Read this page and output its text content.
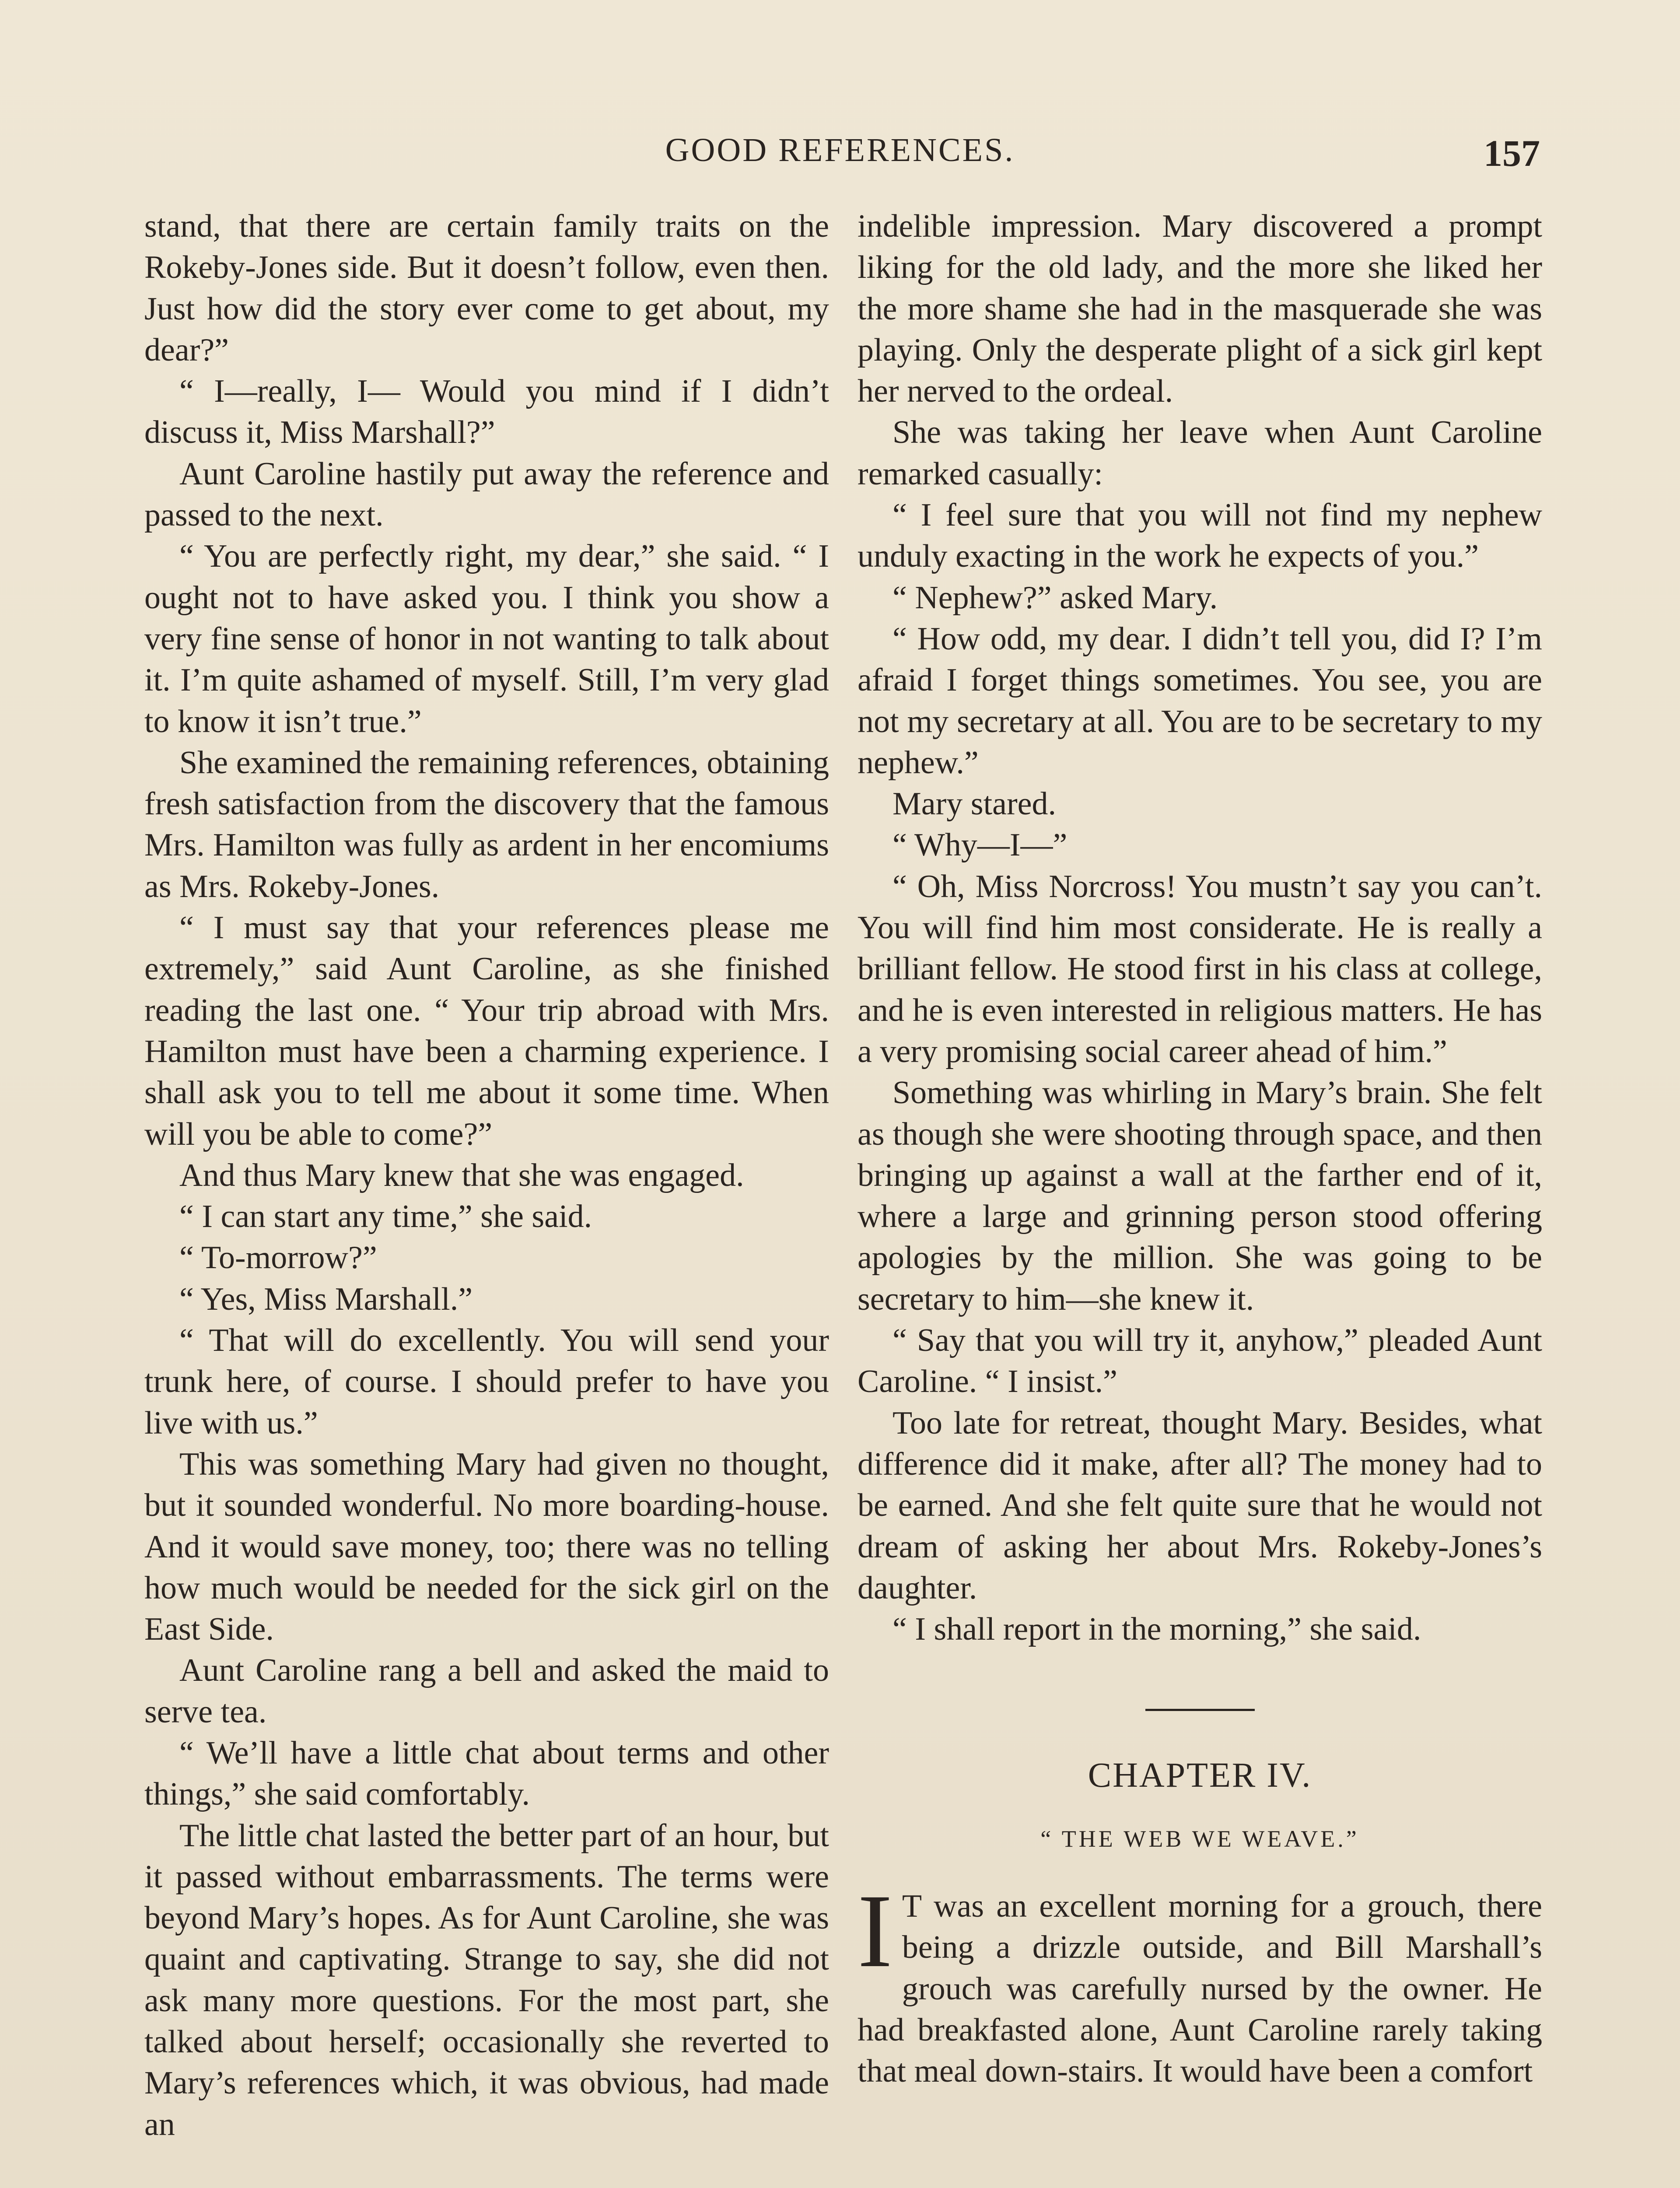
GOOD REFERENCES.	157

stand, that there are certain family traits on the Rokeby-Jones side. But it doesn’t follow, even then. Just how did the story ever come to get about, my dear?”

“ I—really, I— Would you mind if I didn’t discuss it, Miss Marshall?”

Aunt Caroline hastily put away the reference and passed to the next.

“ You are perfectly right, my dear,” she said. “ I ought not to have asked you. I think you show a very fine sense of honor in not wanting to talk about it. I’m quite ashamed of myself. Still, I’m very glad to know it isn’t true.”

She examined the remaining references, obtaining fresh satisfaction from the discovery that the famous Mrs. Hamilton was fully as ardent in her encomiums as Mrs. Rokeby-Jones.

“ I must say that your references please me extremely,” said Aunt Caroline, as she finished reading the last one. “ Your trip abroad with Mrs. Hamilton must have been a charming experience. I shall ask you to tell me about it some time. When will you be able to come?”

And thus Mary knew that she was engaged.

“ I can start any time,” she said.

“ To-morrow?”

“ Yes, Miss Marshall.”

“ That will do excellently. You will send your trunk here, of course. I should prefer to have you live with us.”

This was something Mary had given no thought, but it sounded wonderful. No more boarding-house. And it would save money, too; there was no telling how much would be needed for the sick girl on the East Side.

Aunt Caroline rang a bell and asked the maid to serve tea.

“ We’ll have a little chat about terms and other things,” she said comfortably.

The little chat lasted the better part of an hour, but it passed without embarrassments. The terms were beyond Mary’s hopes. As for Aunt Caroline, she was quaint and captivating. Strange to say, she did not ask many more questions. For the most part, she talked about herself; occasionally she reverted to Mary’s references which, it was obvious, had made an

indelible impression. Mary discovered a prompt liking for the old lady, and the more she liked her the more shame she had in the masquerade she was playing. Only the desperate plight of a sick girl kept her nerved to the ordeal.

She was taking her leave when Aunt Caroline remarked casually:

“ I feel sure that you will not find my nephew unduly exacting in the work he expects of you.”

“ Nephew?” asked Mary.

“ How odd, my dear. I didn’t tell you, did I? I’m afraid I forget things sometimes. You see, you are not my secretary at all. You are to be secretary to my nephew.”

Mary stared.

“ Why—I—”

“ Oh, Miss Norcross! You mustn’t say you can’t. You will find him most considerate. He is really a brilliant fellow. He stood first in his class at college, and he is even interested in religious matters. He has a very promising social career ahead of him.”

Something was whirling in Mary’s brain. She felt as though she were shooting through space, and then bringing up against a wall at the farther end of it, where a large and grinning person stood offering apologies by the million. She was going to be secretary to him—she knew it.

“ Say that you will try it, anyhow,” pleaded Aunt Caroline. “ I insist.”

Too late for retreat, thought Mary. Besides, what difference did it make, after all? The money had to be earned. And she felt quite sure that he would not dream of asking her about Mrs. Rokeby-Jones’s daughter.

“ I shall report in the morning,” she said.

CHAPTER IV.
“ THE WEB WE WEAVE.”
I T was an excellent morning for a grouch, there being a drizzle outside, and Bill Marshall’s grouch was carefully nursed by the owner. He had breakfasted alone, Aunt Caroline rarely taking that meal down-stairs. It would have been a comfort
